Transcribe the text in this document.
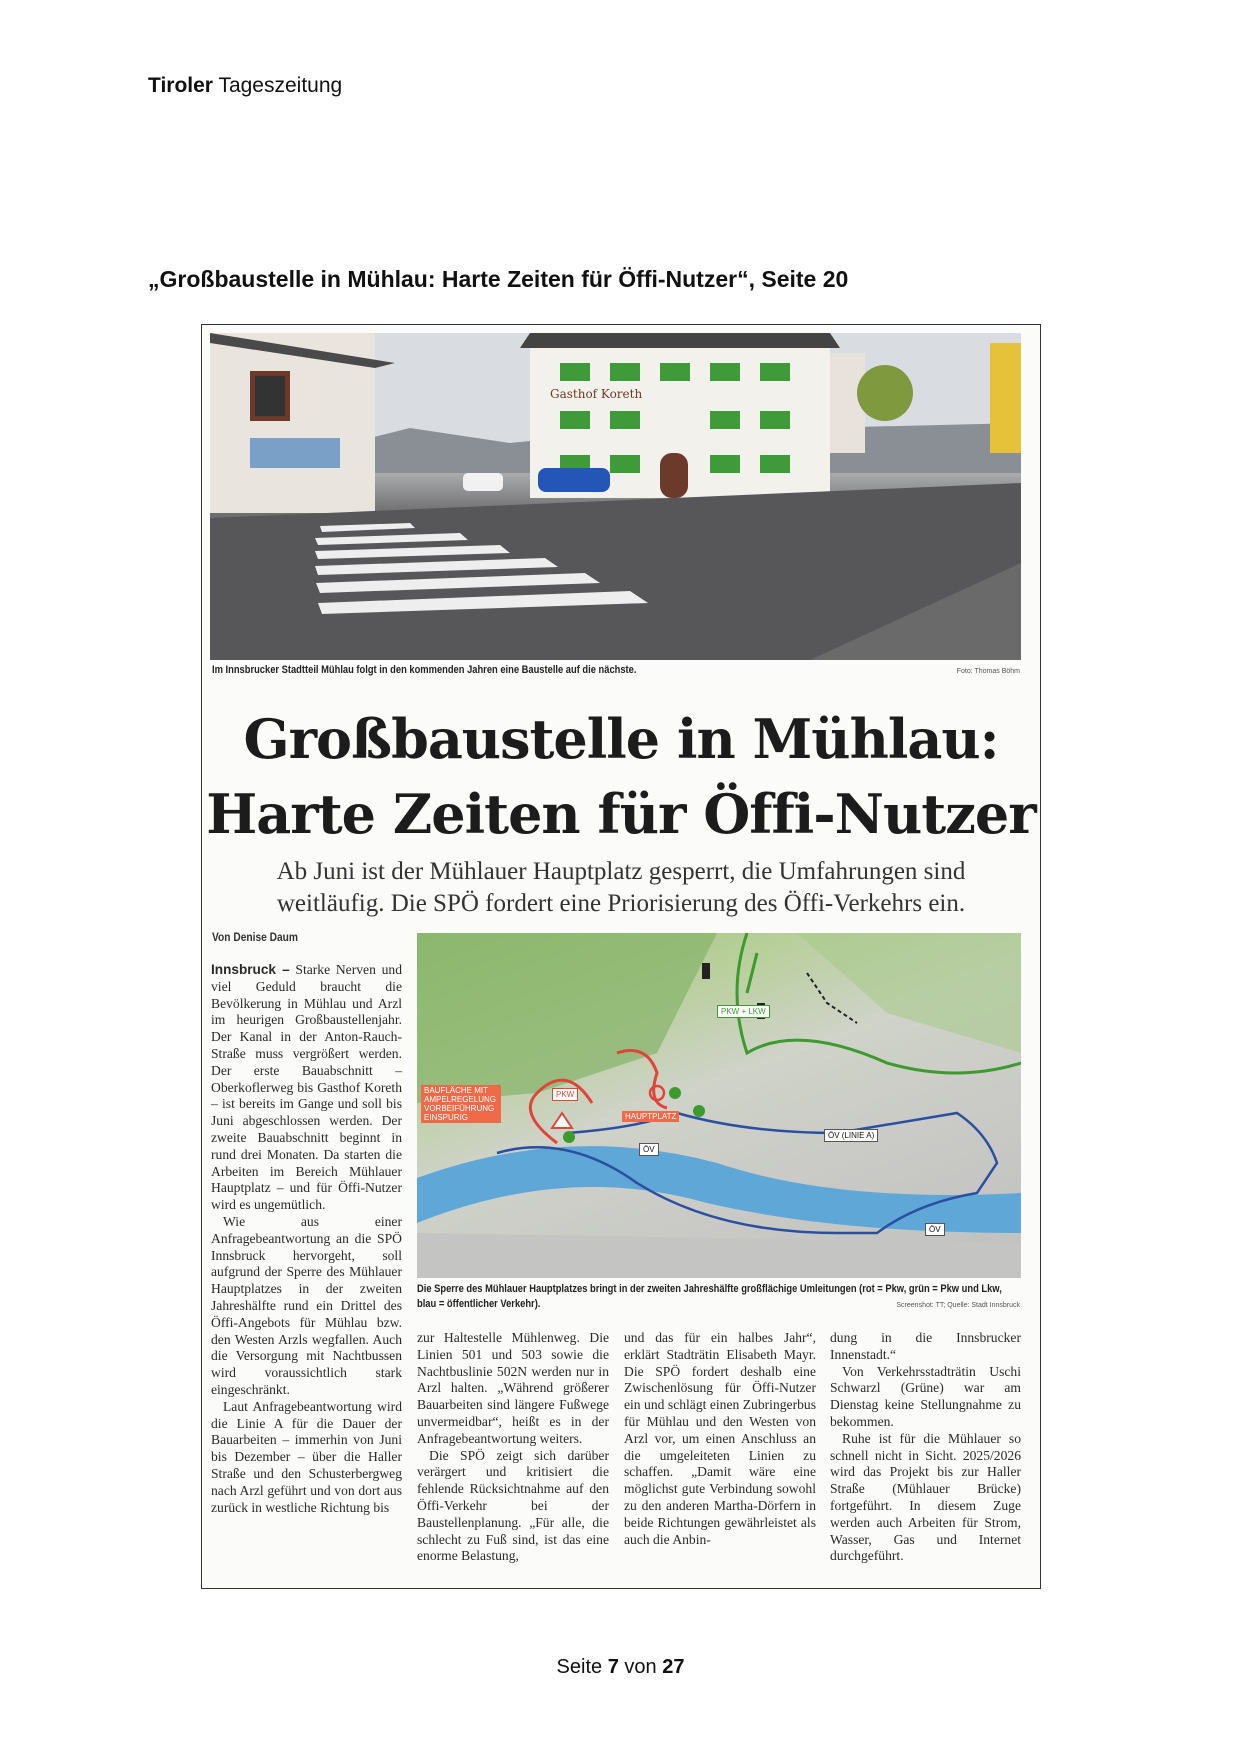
Tiroler Tageszeitung
„Großbaustelle in Mühlau: Harte Zeiten für Öffi-Nutzer“, Seite 20
Gasthof Koreth
Im Innsbrucker Stadtteil Mühlau folgt in den kommenden Jahren eine Baustelle auf die nächste.	Foto: Thomas Böhm
Großbaustelle in Mühlau:
Harte Zeiten für Öffi-Nutzer
Ab Juni ist der Mühlauer Hauptplatz gesperrt, die Umfahrungen sind
weitläufig. Die SPÖ fordert eine Priorisierung des Öffi-Verkehrs ein.
Von Denise Daum
BAUFLÄCHE MIT AMPELREGELUNG VORBEIFÜHRUNG EINSPURIG
PKW
HAUPTPLATZ
PKW + LKW
ÖV
ÖV (LINIE A)
ÖV
Die Sperre des Mühlauer Hauptplatzes bringt in der zweiten Jahreshälfte großflächige Umleitungen (rot = Pkw, grün = Pkw und Lkw, blau = öffentlicher Verkehr).	Screenshot: TT; Quelle: Stadt Innsbruck

Innsbruck – Starke Nerven und viel Geduld braucht die Bevölkerung in Mühlau und Arzl im heurigen Großbaustellenjahr. Der Kanal in der Anton-Rauch-Straße muss vergrößert werden. Der erste Bauabschnitt – Oberkoflerweg bis Gasthof Koreth – ist bereits im Gange und soll bis Juni abgeschlossen werden. Der zweite Bauabschnitt beginnt in rund drei Monaten. Da starten die Arbeiten im Bereich Mühlauer Hauptplatz – und für Öffi-Nutzer wird es ungemütlich.

Wie aus einer Anfragebeantwortung an die SPÖ Innsbruck hervorgeht, soll aufgrund der Sperre des Mühlauer Hauptplatzes in der zweiten Jahreshälfte rund ein Drittel des Öffi-Angebots für Mühlau bzw. den Westen Arzls wegfallen. Auch die Versorgung mit Nachtbussen wird voraussichtlich stark eingeschränkt.

Laut Anfragebeantwortung wird die Linie A für die Dauer der Bauarbeiten – immerhin von Juni bis Dezember – über die Haller Straße und den Schusterbergweg nach Arzl geführt und von dort aus zurück in westliche Richtung bis

zur Haltestelle Mühlenweg. Die Linien 501 und 503 sowie die Nachtbuslinie 502N werden nur in Arzl halten. „Während größerer Bauarbeiten sind längere Fußwege unvermeidbar“, heißt es in der Anfragebeantwortung weiters.

Die SPÖ zeigt sich darüber verärgert und kritisiert die fehlende Rücksichtnahme auf den Öffi-Verkehr bei der Baustellenplanung. „Für alle, die schlecht zu Fuß sind, ist das eine enorme Belastung,

und das für ein halbes Jahr“, erklärt Stadträtin Elisabeth Mayr. Die SPÖ fordert deshalb eine Zwischenlösung für Öffi-Nutzer ein und schlägt einen Zubringerbus für Mühlau und den Westen von Arzl vor, um einen Anschluss an die umgeleiteten Linien zu schaffen. „Damit wäre eine möglichst gute Verbindung sowohl zu den anderen Martha-Dörfern in beide Richtungen gewährleistet als auch die Anbin-

dung in die Innsbrucker Innenstadt.“

Von Verkehrsstadträtin Uschi Schwarzl (Grüne) war am Dienstag keine Stellungnahme zu bekommen.

Ruhe ist für die Mühlauer so schnell nicht in Sicht. 2025/2026 wird das Projekt bis zur Haller Straße (Mühlauer Brücke) fortgeführt. In diesem Zuge werden auch Arbeiten für Strom, Wasser, Gas und Internet durchgeführt.

Seite 7 von 27
